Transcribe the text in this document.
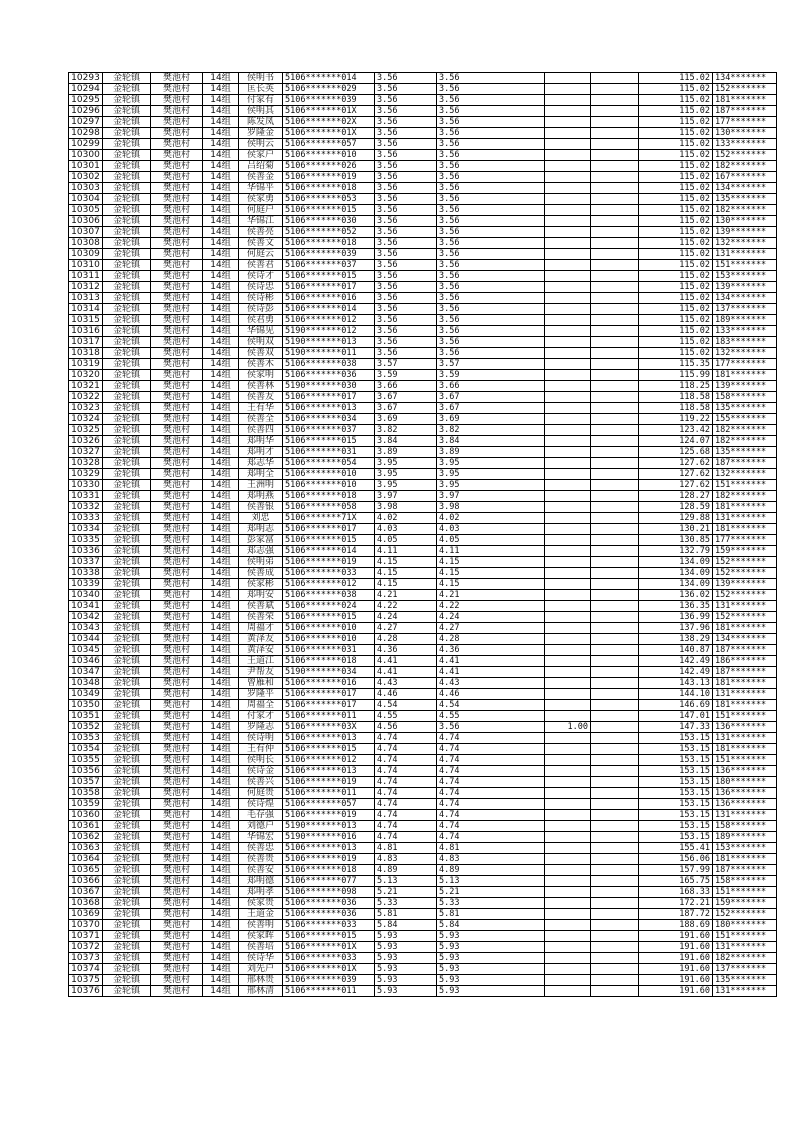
10293	金轮镇	樊池村	14组	侯明书	5106*******014	3.56	3.56			115.02	134*******
10294	金轮镇	樊池村	14组	匡长英	5106*******029	3.56	3.56			115.02	152*******
10295	金轮镇	樊池村	14组	付家有	5106*******039	3.56	3.56			115.02	181*******
10296	金轮镇	樊池村	14组	侯明其	5106*******01X	3.56	3.56			115.02	187*******
10297	金轮镇	樊池村	14组	陈发凤	5106*******02X	3.56	3.56			115.02	177*******
10298	金轮镇	樊池村	14组	罗隆金	5106*******01X	3.56	3.56			115.02	130*******
10299	金轮镇	樊池村	14组	侯明云	5106*******057	3.56	3.56			115.02	133*******
10300	金轮镇	樊池村	14组	侯家户	5106*******010	3.56	3.56			115.02	152*******
10301	金轮镇	樊池村	14组	吕绍菊	5106*******026	3.56	3.56			115.02	182*******
10302	金轮镇	樊池村	14组	侯善金	5106*******019	3.56	3.56			115.02	167*******
10303	金轮镇	樊池村	14组	华锦平	5106*******018	3.56	3.56			115.02	134*******
10304	金轮镇	樊池村	14组	侯家勇	5106*******053	3.56	3.56			115.02	135*******
10305	金轮镇	樊池村	14组	何庭户	5106*******015	3.56	3.56			115.02	182*******
10306	金轮镇	樊池村	14组	华锦江	5106*******030	3.56	3.56			115.02	130*******
10307	金轮镇	樊池村	14组	侯善亮	5106*******052	3.56	3.56			115.02	139*******
10308	金轮镇	樊池村	14组	侯善文	5106*******018	3.56	3.56			115.02	132*******
10309	金轮镇	樊池村	14组	何庭云	5106*******039	3.56	3.56			115.02	131*******
10310	金轮镇	樊池村	14组	侯善君	5106*******037	3.56	3.56			115.02	151*******
10311	金轮镇	樊池村	14组	侯诗才	5106*******015	3.56	3.56			115.02	153*******
10312	金轮镇	樊池村	14组	侯诗忠	5106*******017	3.56	3.56			115.02	139*******
10313	金轮镇	樊池村	14组	侯诗彬	5106*******016	3.56	3.56			115.02	134*******
10314	金轮镇	樊池村	14组	侯诗彭	5106*******014	3.56	3.56			115.02	137*******
10315	金轮镇	樊池村	14组	侯君勇	5106*******012	3.56	3.56			115.02	189*******
10316	金轮镇	樊池村	14组	华锦见	5190*******012	3.56	3.56			115.02	133*******
10317	金轮镇	樊池村	14组	侯明双	5190*******013	3.56	3.56			115.02	183*******
10318	金轮镇	樊池村	14组	侯善双	5190*******011	3.56	3.56			115.02	132*******
10319	金轮镇	樊池村	14组	侯善木	5106*******038	3.57	3.57			115.35	177*******
10320	金轮镇	樊池村	14组	侯家明	5106*******036	3.59	3.59			115.99	181*******
10321	金轮镇	樊池村	14组	侯善林	5190*******030	3.66	3.66			118.25	139*******
10322	金轮镇	樊池村	14组	侯善友	5106*******017	3.67	3.67			118.58	158*******
10323	金轮镇	樊池村	14组	王有华	5106*******013	3.67	3.67			118.58	135*******
10324	金轮镇	樊池村	14组	侯善全	5106*******034	3.69	3.69			119.22	155*******
10325	金轮镇	樊池村	14组	侯善四	5106*******037	3.82	3.82			123.42	182*******
10326	金轮镇	樊池村	14组	郑明华	5106*******015	3.84	3.84			124.07	182*******
10327	金轮镇	樊池村	14组	郑明才	5106*******031	3.89	3.89			125.68	135*******
10328	金轮镇	樊池村	14组	郑志华	5106*******054	3.95	3.95			127.62	187*******
10329	金轮镇	樊池村	14组	郑明全	5106*******010	3.95	3.95			127.62	132*******
10330	金轮镇	樊池村	14组	王洲明	5106*******010	3.95	3.95			127.62	151*******
10331	金轮镇	樊池村	14组	郑明燕	5106*******018	3.97	3.97			128.27	182*******
10332	金轮镇	樊池村	14组	侯善银	5106*******058	3.98	3.98			128.59	181*******
10333	金轮镇	樊池村	14组	刘忠	5106*******71X	4.02	4.02			129.88	131*******
10334	金轮镇	樊池村	14组	郑明志	5106*******017	4.03	4.03			130.21	181*******
10335	金轮镇	樊池村	14组	彭家富	5106*******015	4.05	4.05			130.85	177*******
10336	金轮镇	樊池村	14组	郑志强	5106*******014	4.11	4.11			132.79	159*******
10337	金轮镇	樊池村	14组	侯明弟	5106*******019	4.15	4.15			134.09	152*******
10338	金轮镇	樊池村	14组	侯善成	5106*******033	4.15	4.15			134.09	152*******
10339	金轮镇	樊池村	14组	侯家彬	5106*******012	4.15	4.15			134.09	139*******
10340	金轮镇	樊池村	14组	郑明安	5106*******038	4.21	4.21			136.02	152*******
10341	金轮镇	樊池村	14组	侯善斌	5106*******024	4.22	4.22			136.35	131*******
10342	金轮镇	樊池村	14组	侯善荣	5106*******015	4.24	4.24			136.99	152*******
10343	金轮镇	樊池村	14组	周福才	5106*******010	4.27	4.27			137.96	181*******
10344	金轮镇	樊池村	14组	黄泽友	5106*******010	4.28	4.28			138.29	134*******
10345	金轮镇	樊池村	14组	黄泽安	5106*******031	4.36	4.36			140.87	187*******
10346	金轮镇	樊池村	14组	王道江	5106*******018	4.41	4.41			142.49	186*******
10347	金轮镇	樊池村	14组	尹帮友	5190*******034	4.41	4.41			142.49	187*******
10348	金轮镇	樊池村	14组	曾雁和	5106*******016	4.43	4.43			143.13	181*******
10349	金轮镇	樊池村	14组	罗隆平	5106*******017	4.46	4.46			144.10	131*******
10350	金轮镇	樊池村	14组	周福全	5106*******017	4.54	4.54			146.69	181*******
10351	金轮镇	樊池村	14组	付家才	5106*******011	4.55	4.55			147.01	151*******
10352	金轮镇	樊池村	14组	罗隆志	5106*******03X	4.56	3.56	1.00		147.33	136*******
10353	金轮镇	樊池村	14组	侯诗明	5106*******013	4.74	4.74			153.15	131*******
10354	金轮镇	樊池村	14组	王有仲	5106*******015	4.74	4.74			153.15	181*******
10355	金轮镇	樊池村	14组	侯明长	5106*******012	4.74	4.74			153.15	151*******
10356	金轮镇	樊池村	14组	侯诗金	5106*******013	4.74	4.74			153.15	136*******
10357	金轮镇	樊池村	14组	侯善兴	5106*******019	4.74	4.74			153.15	180*******
10358	金轮镇	樊池村	14组	何庭贵	5106*******011	4.74	4.74			153.15	136*******
10359	金轮镇	樊池村	14组	侯诗煌	5106*******057	4.74	4.74			153.15	136*******
10360	金轮镇	樊池村	14组	毛存强	5106*******019	4.74	4.74			153.15	131*******
10361	金轮镇	樊池村	14组	刘德户	5190*******013	4.74	4.74			153.15	158*******
10362	金轮镇	樊池村	14组	华锦宏	5190*******016	4.74	4.74			153.15	189*******
10363	金轮镇	樊池村	14组	侯善忠	5106*******013	4.81	4.81			155.41	153*******
10364	金轮镇	樊池村	14组	侯善贵	5106*******019	4.83	4.83			156.06	181*******
10365	金轮镇	樊池村	14组	侯善安	5106*******018	4.89	4.89			157.99	187*******
10366	金轮镇	樊池村	14组	郑明德	5106*******077	5.13	5.13			165.75	158*******
10367	金轮镇	樊池村	14组	郑明孝	5106*******098	5.21	5.21			168.33	151*******
10368	金轮镇	樊池村	14组	侯家贵	5106*******036	5.33	5.33			172.21	159*******
10369	金轮镇	樊池村	14组	王道金	5106*******036	5.81	5.81			187.72	152*******
10370	金轮镇	樊池村	14组	侯善明	5106*******033	5.84	5.84			188.69	180*******
10371	金轮镇	樊池村	14组	侯家晖	5106*******015	5.93	5.93			191.60	151*******
10372	金轮镇	樊池村	14组	侯善培	5106*******01X	5.93	5.93			191.60	131*******
10373	金轮镇	樊池村	14组	侯诗华	5106*******033	5.93	5.93			191.60	182*******
10374	金轮镇	樊池村	14组	刘先户	5106*******01X	5.93	5.93			191.60	137*******
10375	金轮镇	樊池村	14组	邢林贵	5106*******039	5.93	5.93			191.60	135*******
10376	金轮镇	樊池村	14组	邢林清	5106*******011	5.93	5.93			191.60	131*******
